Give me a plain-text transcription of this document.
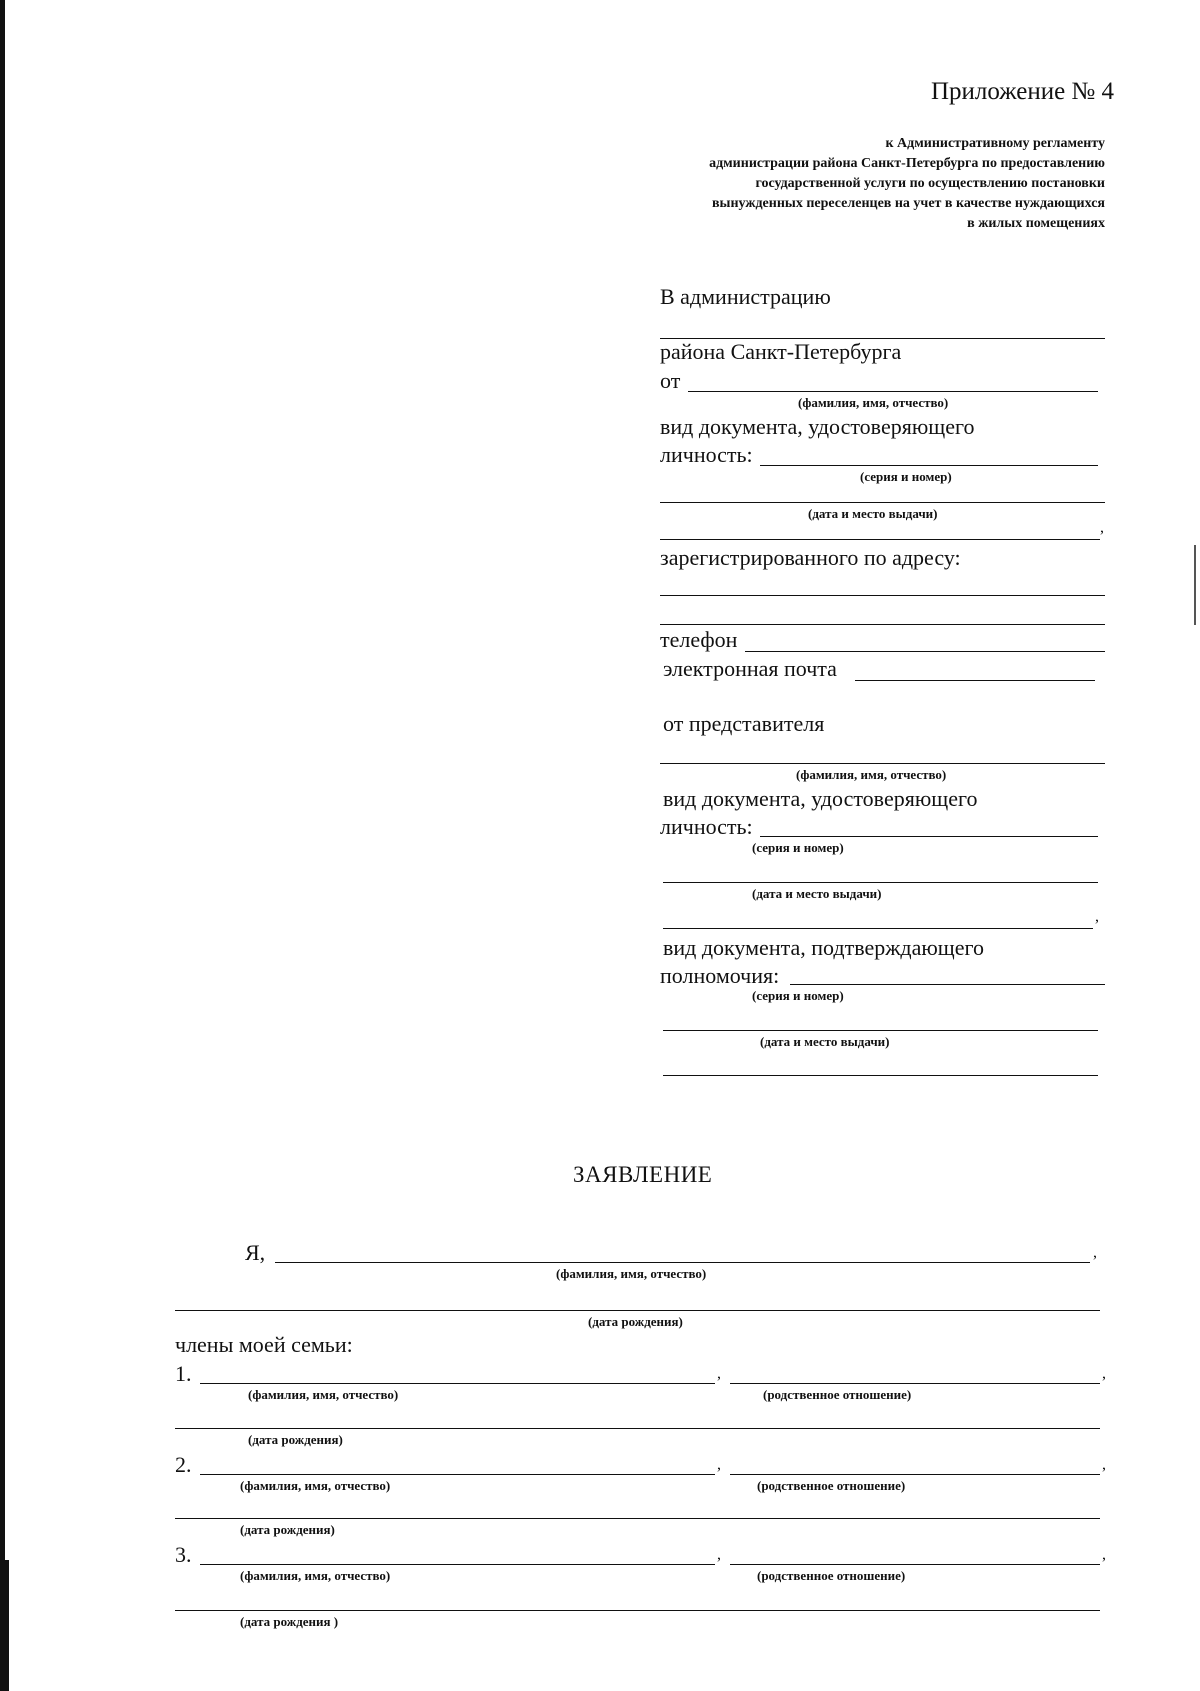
Приложение № 4
к Административному регламенту
администрации района Санкт-Петербурга по предоставлению
государственной услуги по осуществлению постановки
вынужденных переселенцев на учет в качестве нуждающихся
в жилых помещениях
В администрацию
района Санкт-Петербурга
от
(фамилия, имя, отчество)
вид документа, удостоверяющего
личность:
(серия и номер)
(дата и место выдачи)
,
зарегистрированного по адресу:
телефон
электронная почта
от представителя
(фамилия, имя, отчество)
вид документа, удостоверяющего
личность:
(серия и номер)
(дата и место выдачи)
,
вид документа, подтверждающего
полномочия:
(серия и номер)
(дата и место выдачи)
ЗАЯВЛЕНИЕ
Я,	,
(фамилия, имя, отчество)
(дата рождения)
члены моей семьи:
1.	,	,
(фамилия, имя, отчество)	(родственное отношение)
(дата рождения)
2.	,	,
(фамилия, имя, отчество)	(родственное отношение)
(дата рождения)
3.	,	,
(фамилия, имя, отчество)	(родственное отношение)
(дата рождения )
